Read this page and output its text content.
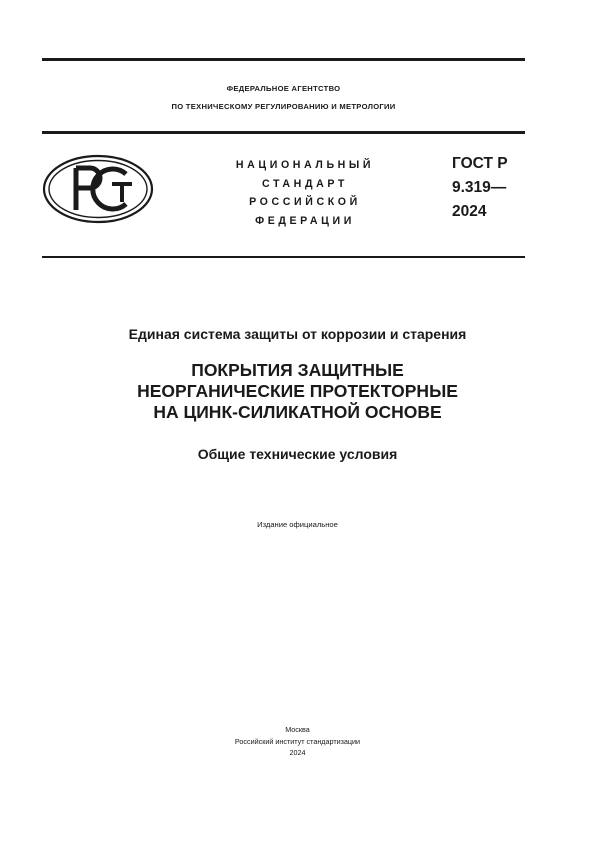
ФЕДЕРАЛЬНОЕ АГЕНТСТВО
ПО ТЕХНИЧЕСКОМУ РЕГУЛИРОВАНИЮ И МЕТРОЛОГИИ
НАЦИОНАЛЬНЫЙ
СТАНДАРТ
РОССИЙСКОЙ
ФЕДЕРАЦИИ
ГОСТ Р
9.319—
2024
Единая система защиты от коррозии и старения
ПОКРЫТИЯ ЗАЩИТНЫЕ
НЕОРГАНИЧЕСКИЕ ПРОТЕКТОРНЫЕ
НА ЦИНК-СИЛИКАТНОЙ ОСНОВЕ
Общие технические условия
Издание официальное
Москва
Российский институт стандартизации
2024
